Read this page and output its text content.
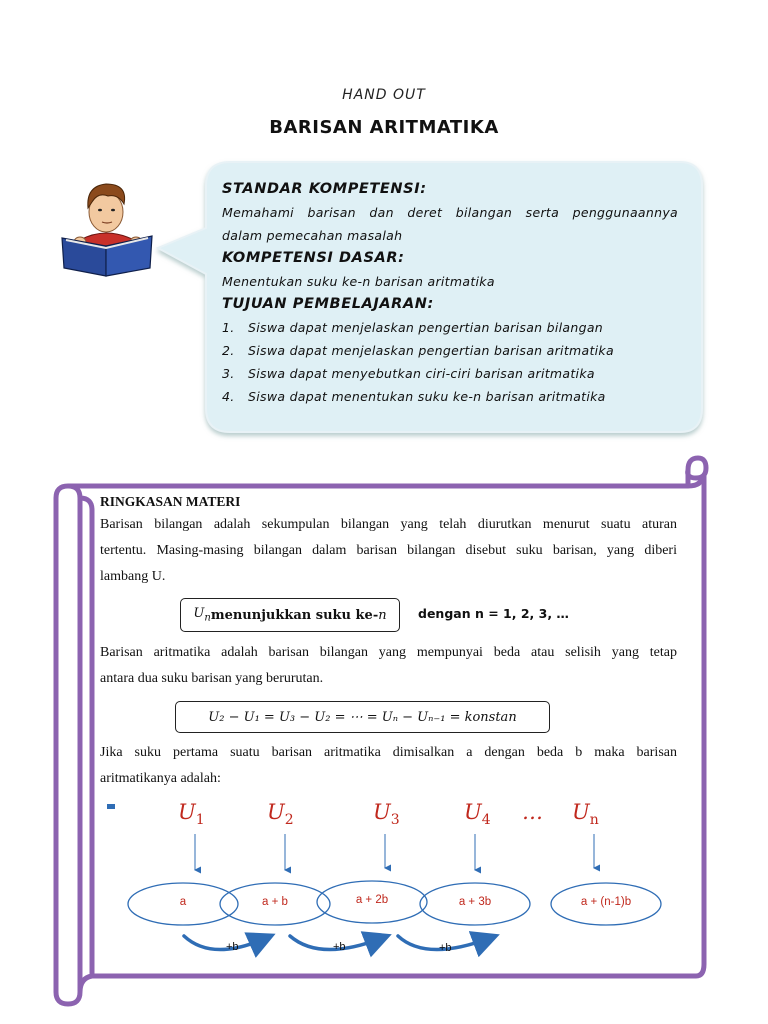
HAND OUT
BARISAN ARITMATIKA
STANDAR KOMPETENSI:
Memahami barisan dan deret bilangan serta penggunaannya
dalam pemecahan masalah
KOMPETENSI DASAR:
Menentukan suku ke-n barisan aritmatika
TUJUAN PEMBELAJARAN:
1.	Siswa dapat menjelaskan pengertian barisan bilangan
2.	Siswa dapat menjelaskan pengertian barisan aritmatika
3.	Siswa dapat menyebutkan ciri-ciri barisan aritmatika
4.	Siswa dapat menentukan suku ke-n barisan aritmatika
RINGKASAN MATERI

Barisan bilangan adalah sekumpulan bilangan yang telah diurutkan menurut suatu aturan

tertentu. Masing-masing bilangan dalam barisan bilangan disebut suku barisan, yang diberi

lambang U.

$U_n$ menunjukkan suku ke- n	dengan n = 1, 2, 3, …

Barisan aritmatika adalah barisan bilangan yang mempunyai beda atau selisih yang tetap

antara dua suku barisan yang berurutan.

U₂ − U₁ = U₃ − U₂ = ⋯ = Uₙ − Uₙ₋₁ = konstan

Jika suku pertama suatu barisan aritmatika dimisalkan a dengan beda b maka barisan

aritmatikanya adalah:

$U_1$	$U_2$	$U_3$	$U_4$ … $U_n$
a	a + b	a + 2b	a + 3b	a + (n-1)b
+b	+b	+b
